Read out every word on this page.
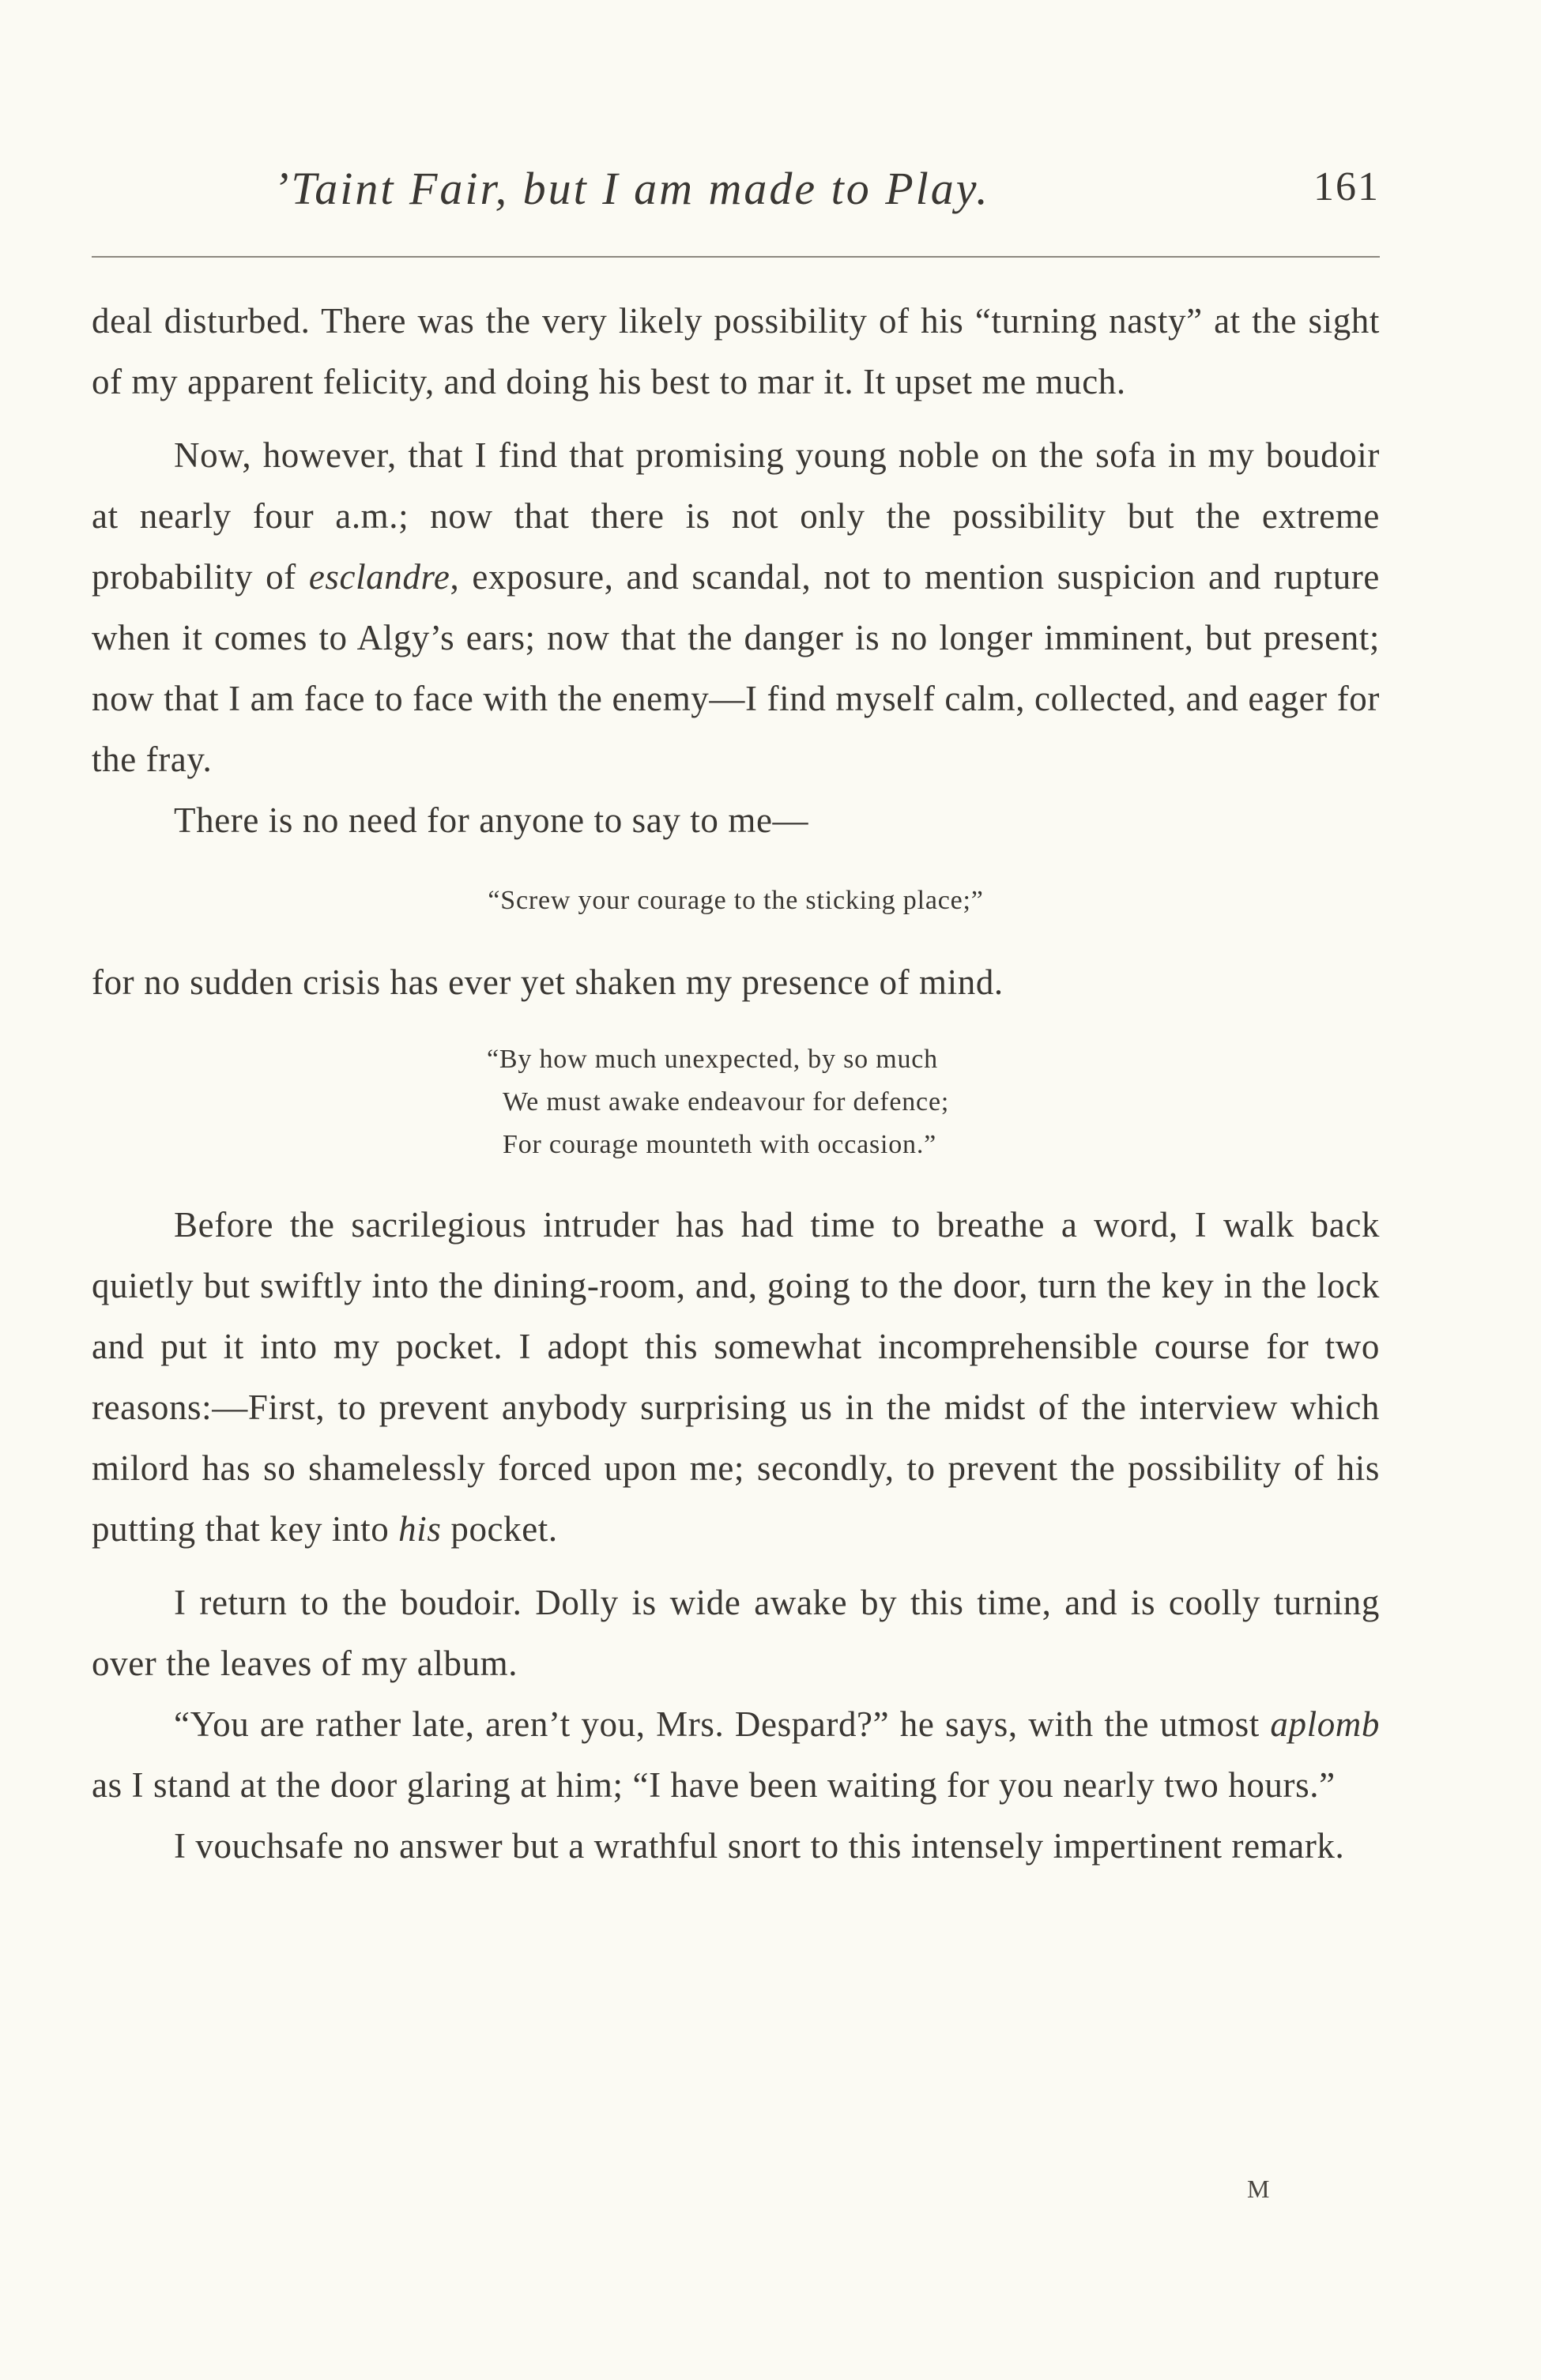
’Taint Fair, but I am made to Play.	161

deal disturbed. There was the very likely possibility of his “turning nasty” at the sight of my apparent felicity, and doing his best to mar it. It upset me much.

Now, however, that I find that promising young noble on the sofa in my boudoir at nearly four a.m.; now that there is not only the possibility but the extreme probability of esclandre, exposure, and scandal, not to mention suspicion and rupture when it comes to Algy’s ears; now that the danger is no longer imminent, but present; now that I am face to face with the enemy—I find myself calm, collected, and eager for the fray.

There is no need for anyone to say to me—

“Screw your courage to the sticking place;”

for no sudden crisis has ever yet shaken my presence of mind.

“By how much unexpected, by so much
We must awake endeavour for defence;
For courage mounteth with occasion.”

Before the sacrilegious intruder has had time to breathe a word, I walk back quietly but swiftly into the dining-room, and, going to the door, turn the key in the lock and put it into my pocket. I adopt this somewhat incomprehensible course for two reasons:—First, to prevent anybody surprising us in the midst of the interview which milord has so shamelessly forced upon me; secondly, to prevent the possibility of his putting that key into his pocket.

I return to the boudoir. Dolly is wide awake by this time, and is coolly turning over the leaves of my album.

“You are rather late, aren’t you, Mrs. Despard?” he says, with the utmost aplomb as I stand at the door glaring at him; “I have been waiting for you nearly two hours.”

I vouchsafe no answer but a wrathful snort to this intensely impertinent remark.

M
